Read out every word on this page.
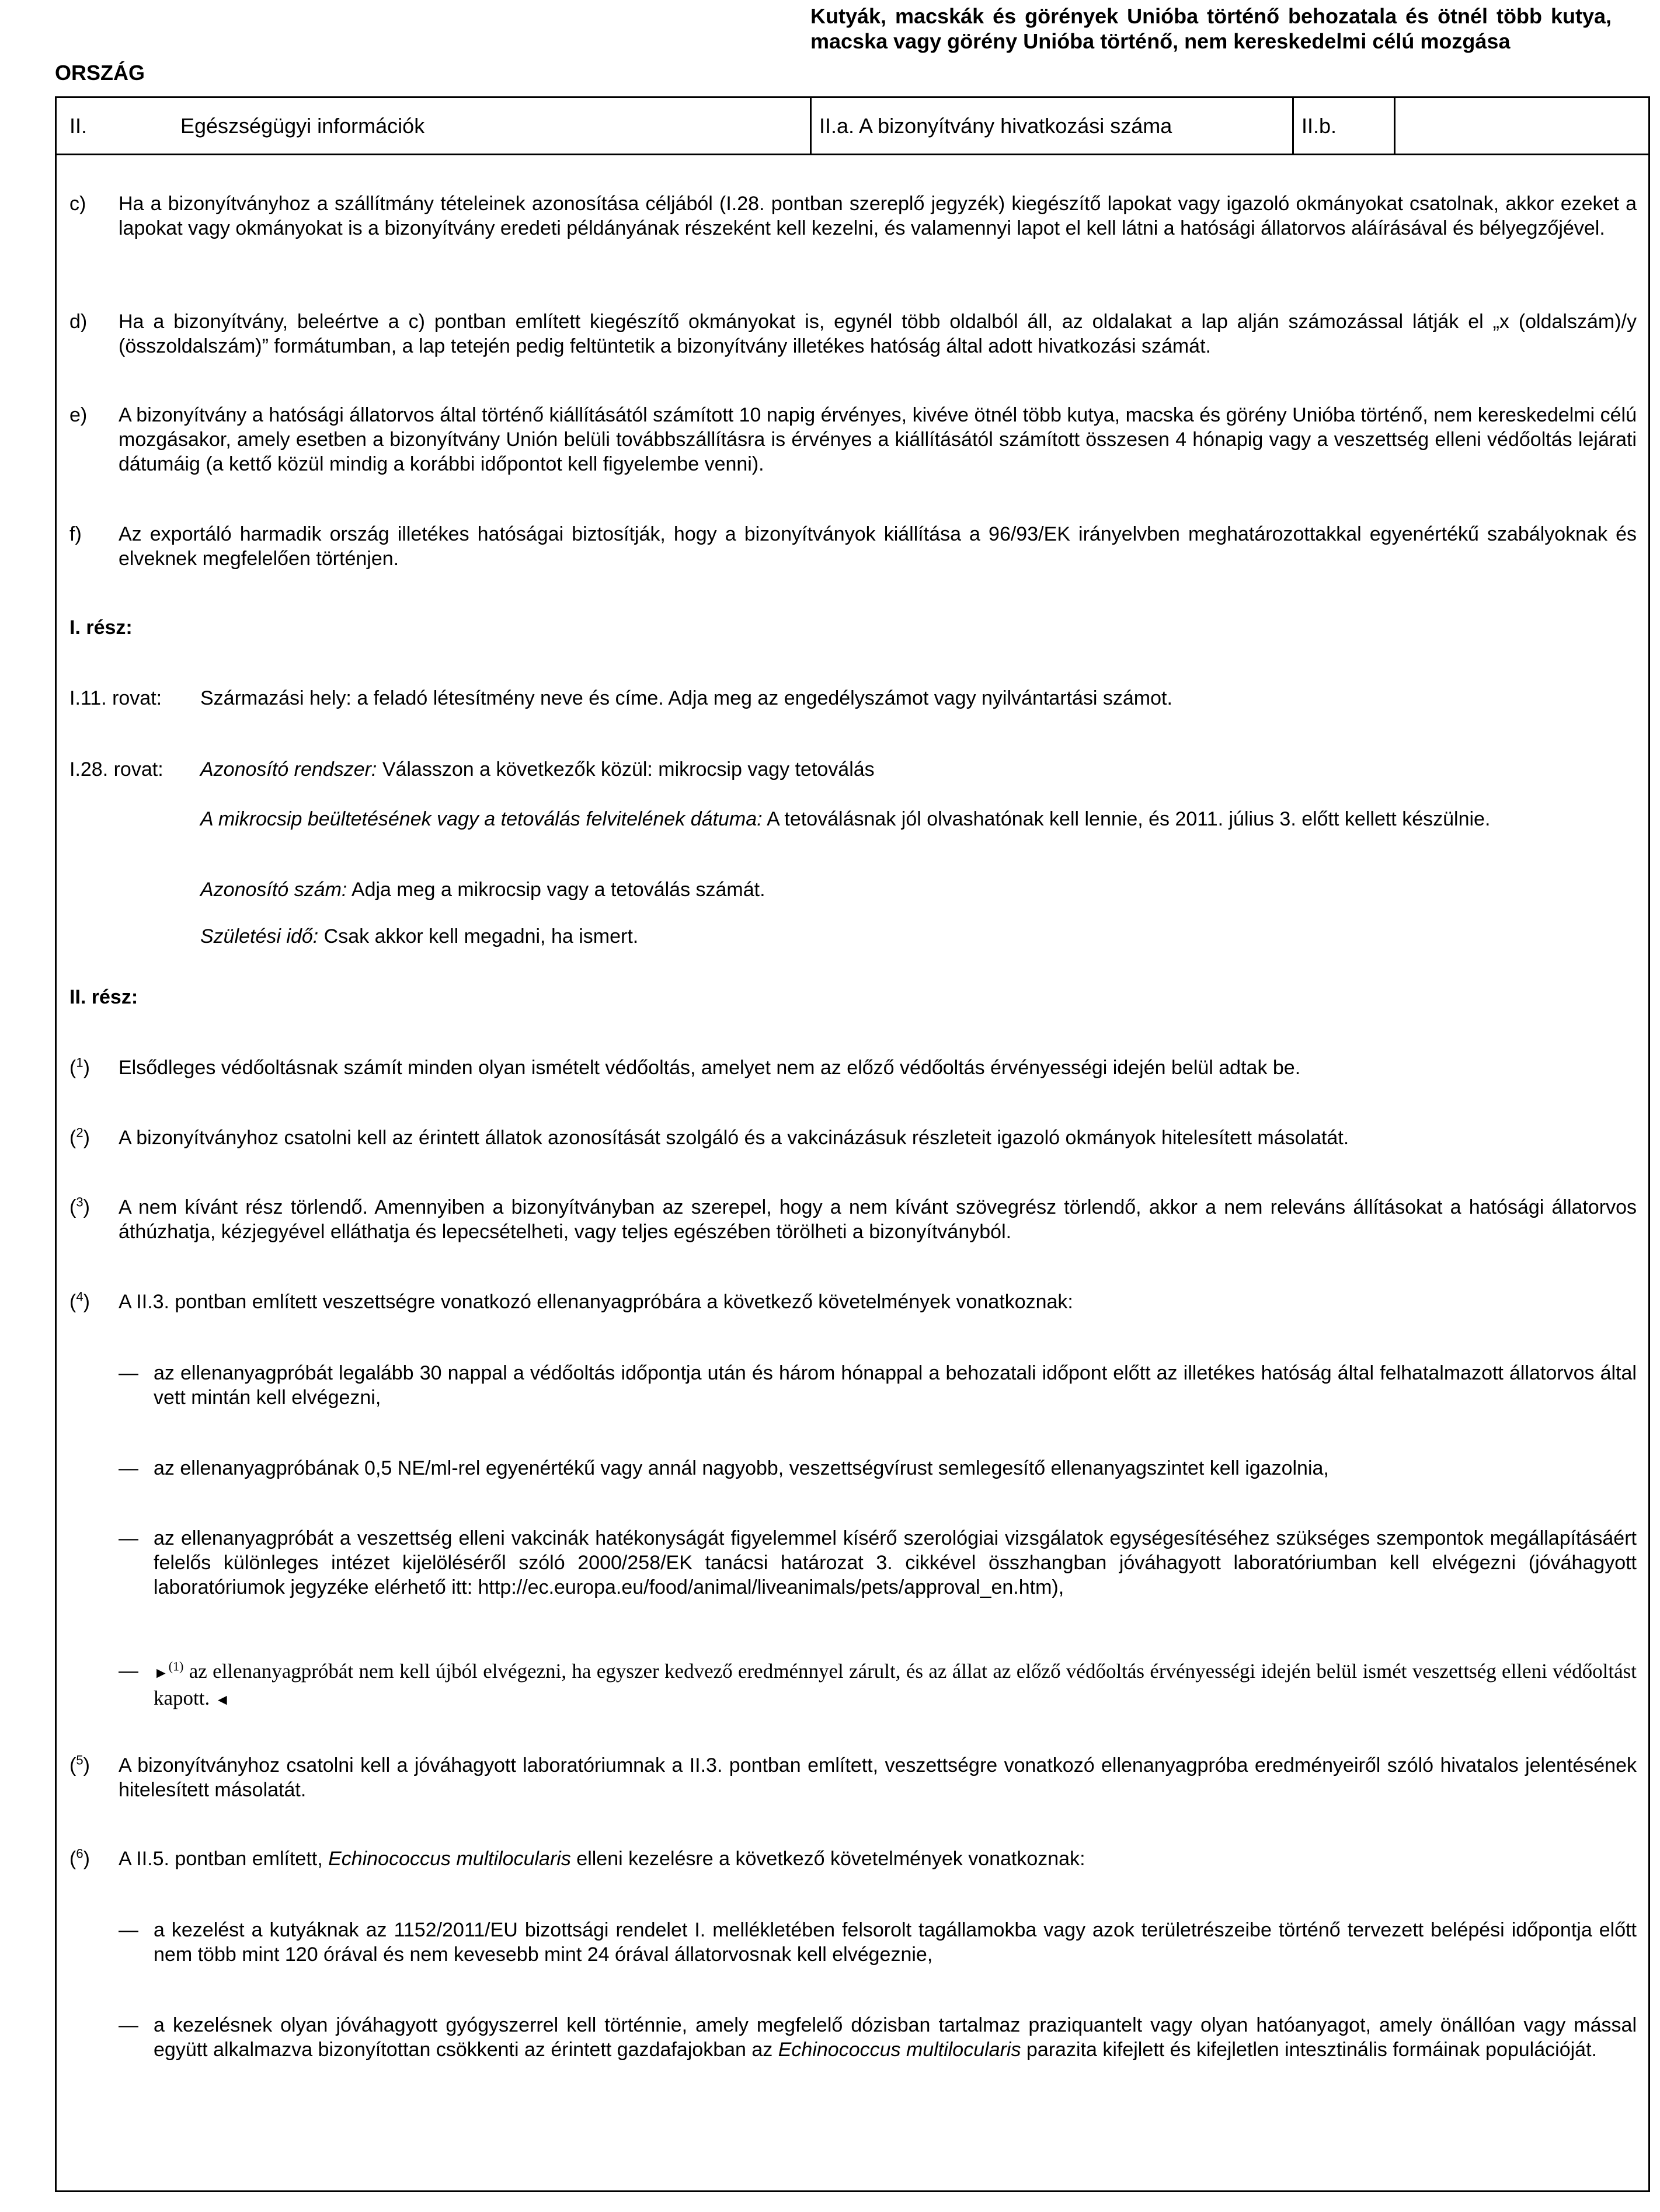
ORSZÁG
Kutyák, macskák és görények Unióba történő behozatala és ötnél több kutya, macska vagy görény Unióba történő, nem kereskedelmi célú mozgása
II.	Egészségügyi információk	II.a. A bizonyítvány hivatkozási száma	II.b.
c) Ha a bizonyítványhoz a szállítmány tételeinek azonosítása céljából (I.28. pontban szereplő jegyzék) kiegészítő lapokat vagy igazoló okmányokat csatolnak, akkor ezeket a lapokat vagy okmányokat is a bizonyítvány eredeti példányának részeként kell kezelni, és valamennyi lapot el kell látni a hatósági állatorvos aláírásával és bélyegzőjével.
d) Ha a bizonyítvány, beleértve a c) pontban említett kiegészítő okmányokat is, egynél több oldalból áll, az oldalakat a lap alján számozással látják el „x (oldalszám)/y (összoldalszám)” formátumban, a lap tetején pedig feltüntetik a bizonyítvány illetékes hatóság által adott hivatkozási számát.
e) A bizonyítvány a hatósági állatorvos által történő kiállításától számított 10 napig érvényes, kivéve ötnél több kutya, macska és görény Unióba történő, nem kereskedelmi célú mozgásakor, amely esetben a bizonyítvány Unión belüli továbbszállításra is érvényes a kiállításától számított összesen 4 hónapig vagy a veszettség elleni védőoltás lejárati dátumáig (a kettő közül mindig a korábbi időpontot kell figyelembe venni).
f) Az exportáló harmadik ország illetékes hatóságai biztosítják, hogy a bizonyítványok kiállítása a 96/93/EK irányelvben meghatározottakkal egyenértékű szabályoknak és elveknek megfelelően történjen.
I. rész:
I.11. rovat: Származási hely: a feladó létesítmény neve és címe. Adja meg az engedélyszámot vagy nyilvántartási számot.
I.28. rovat: Azonosító rendszer: Válasszon a következők közül: mikrocsip vagy tetoválás
A mikrocsip beültetésének vagy a tetoválás felvitelének dátuma: A tetoválásnak jól olvashatónak kell lennie, és 2011. július 3. előtt kellett készülnie.
Azonosító szám: Adja meg a mikrocsip vagy a tetoválás számát.
Születési idő: Csak akkor kell megadni, ha ismert.
II. rész:
($^1$) Elsődleges védőoltásnak számít minden olyan ismételt védőoltás, amelyet nem az előző védőoltás érvényességi idején belül adtak be.
($^2$) A bizonyítványhoz csatolni kell az érintett állatok azonosítását szolgáló és a vakcinázásuk részleteit igazoló okmányok hitelesített másolatát.
($^3$) A nem kívánt rész törlendő. Amennyiben a bizonyítványban az szerepel, hogy a nem kívánt szövegrész törlendő, akkor a nem releváns állításokat a hatósági állatorvos áthúzhatja, kézjegyével elláthatja és lepecsételheti, vagy teljes egészében törölheti a bizonyítványból.
($^4$) A II.3. pontban említett veszettségre vonatkozó ellenanyagpróbára a következő követelmények vonatkoznak:
— az ellenanyagpróbát legalább 30 nappal a védőoltás időpontja után és három hónappal a behozatali időpont előtt az illetékes hatóság által felhatalmazott állatorvos által vett mintán kell elvégezni,
— az ellenanyagpróbának 0,5 NE/ml-rel egyenértékű vagy annál nagyobb, veszettségvírust semlegesítő ellenanyagszintet kell igazolnia,
— az ellenanyagpróbát a veszettség elleni vakcinák hatékonyságát figyelemmel kísérő szerológiai vizsgálatok egységesítéséhez szükséges szempontok megállapításáért felelős különleges intézet kijelöléséről szóló 2000/258/EK tanácsi határozat 3. cikkével összhangban jóváhagyott laboratóriumban kell elvégezni (jóváhagyott laboratóriumok jegyzéke elérhető itt: http://ec.europa.eu/food/animal/liveanimals/pets/approval_en.htm),
— ►$^{(1)}$ az ellenanyagpróbát nem kell újból elvégezni, ha egyszer kedvező eredménnyel zárult, és az állat az előző védőoltás érvényességi idején belül ismét veszettség elleni védőoltást kapott. ◄
($^5$) A bizonyítványhoz csatolni kell a jóváhagyott laboratóriumnak a II.3. pontban említett, veszettségre vonatkozó ellenanyagpróba eredményeiről szóló hivatalos jelentésének hitelesített másolatát.
($^6$) A II.5. pontban említett, Echinococcus multilocularis elleni kezelésre a következő követelmények vonatkoznak:
— a kezelést a kutyáknak az 1152/2011/EU bizottsági rendelet I. mellékletében felsorolt tagállamokba vagy azok területrészeibe történő tervezett belépési időpontja előtt nem több mint 120 órával és nem kevesebb mint 24 órával állatorvosnak kell elvégeznie,
— a kezelésnek olyan jóváhagyott gyógyszerrel kell történnie, amely megfelelő dózisban tartalmaz praziquantelt vagy olyan hatóanyagot, amely önállóan vagy mással együtt alkalmazva bizonyítottan csökkenti az érintett gazdafajokban az Echinococcus multilocularis parazita kifejlett és kifejletlen intesztinális formáinak populációját.
